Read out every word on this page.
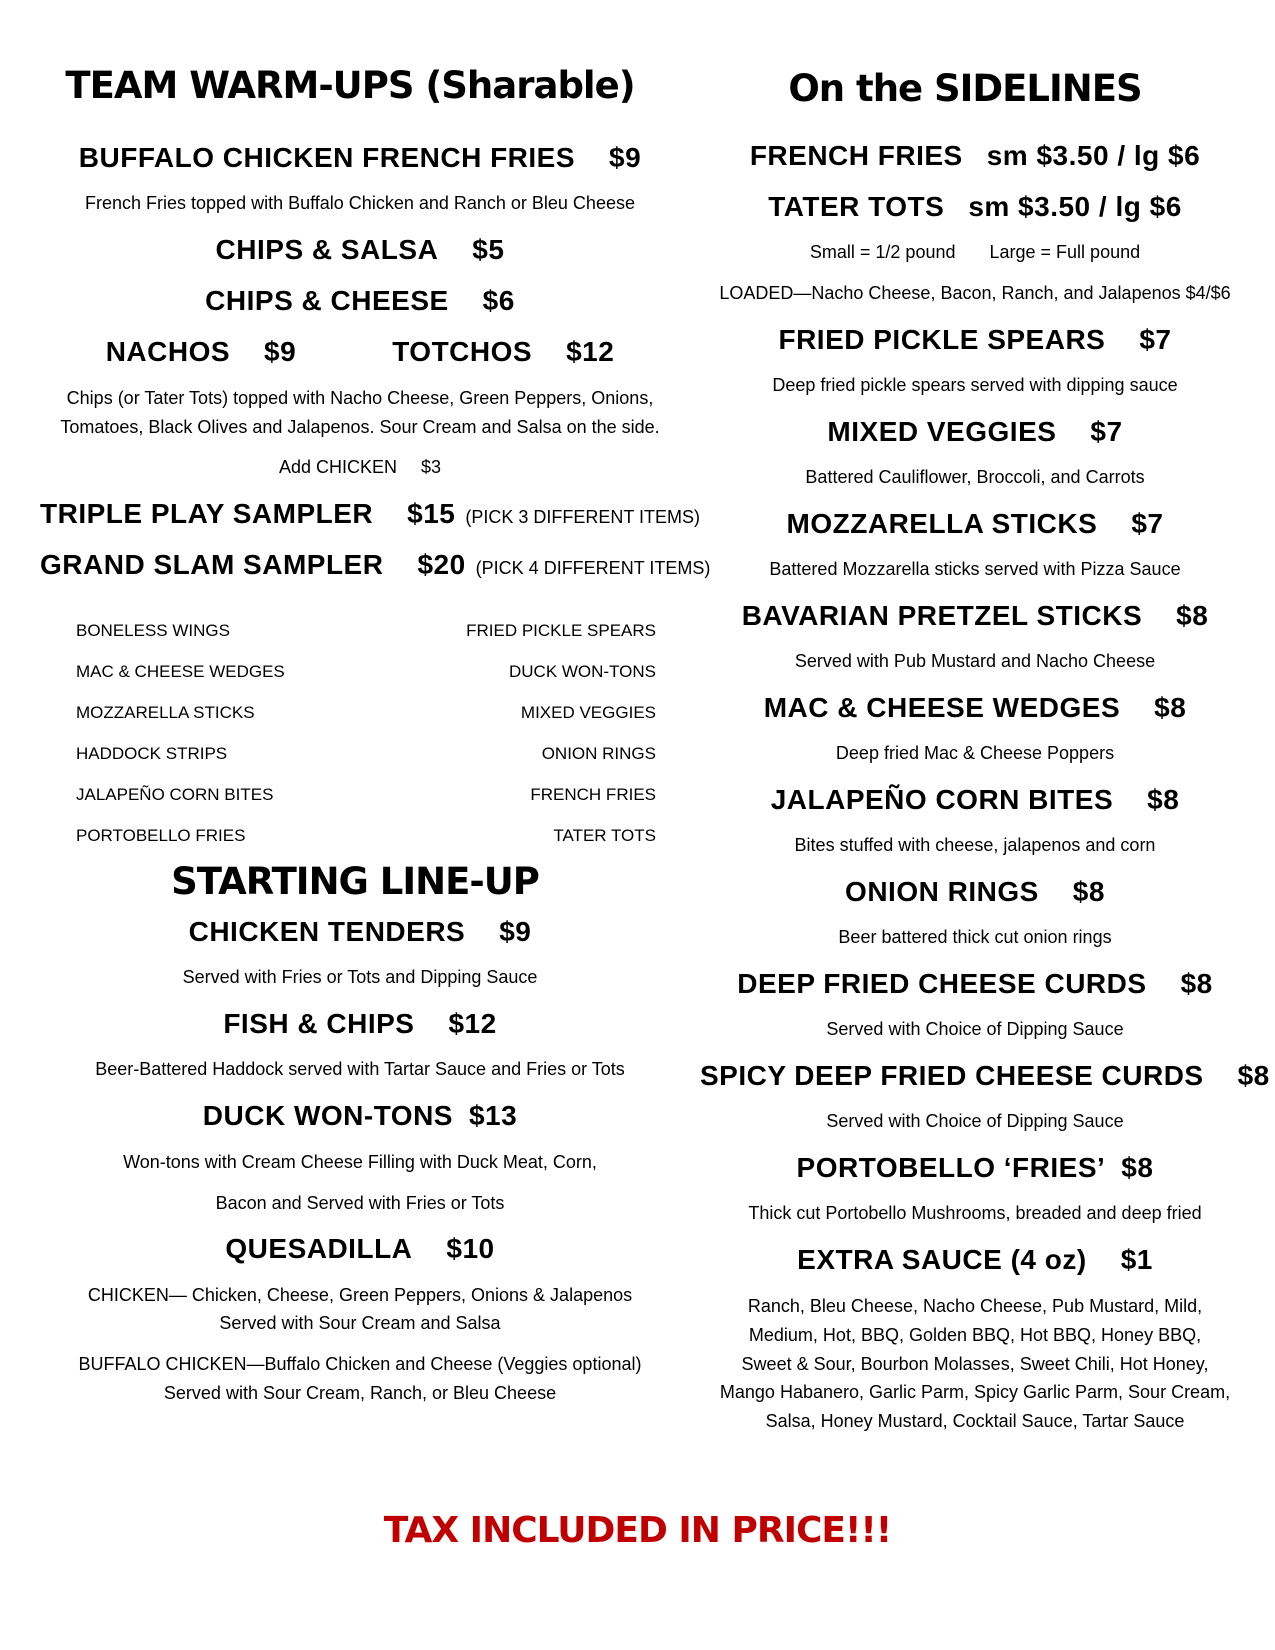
TEAM WARM-UPS (Sharable)
BUFFALO CHICKEN FRENCH FRIES $9
French Fries topped with Buffalo Chicken and Ranch or Bleu Cheese
CHIPS & SALSA $5
CHIPS & CHEESE $6
NACHOS $9	TOTCHOS $12
Chips (or Tater Tots) topped with Nacho Cheese, Green Peppers, Onions,
Tomatoes, Black Olives and Jalapenos. Sour Cream and Salsa on the side.
Add CHICKEN $3
TRIPLE PLAY SAMPLER $15 (PICK 3 DIFFERENT ITEMS)
GRAND SLAM SAMPLER $20 (PICK 4 DIFFERENT ITEMS)
BONELESS WINGS
MAC & CHEESE WEDGES
MOZZARELLA STICKS
HADDOCK STRIPS
JALAPEÑO CORN BITES
PORTOBELLO FRIES
FRIED PICKLE SPEARS
DUCK WON-TONS
MIXED VEGGIES
ONION RINGS
FRENCH FRIES
TATER TOTS
STARTING LINE-UP
CHICKEN TENDERS $9
Served with Fries or Tots and Dipping Sauce
FISH & CHIPS $12
Beer-Battered Haddock served with Tartar Sauce and Fries or Tots
DUCK WON-TONS $13
Won-tons with Cream Cheese Filling with Duck Meat, Corn,
Bacon and Served with Fries or Tots
QUESADILLA $10
CHICKEN— Chicken, Cheese, Green Peppers, Onions & Jalapenos
Served with Sour Cream and Salsa
BUFFALO CHICKEN—Buffalo Chicken and Cheese (Veggies optional)
Served with Sour Cream, Ranch, or Bleu Cheese
On the SIDELINES
FRENCH FRIES sm $3.50 / lg $6
TATER TOTS sm $3.50 / lg $6
Small = 1/2 pound Large = Full pound
LOADED—Nacho Cheese, Bacon, Ranch, and Jalapenos $4/$6
FRIED PICKLE SPEARS $7
Deep fried pickle spears served with dipping sauce
MIXED VEGGIES $7
Battered Cauliflower, Broccoli, and Carrots
MOZZARELLA STICKS $7
Battered Mozzarella sticks served with Pizza Sauce
BAVARIAN PRETZEL STICKS $8
Served with Pub Mustard and Nacho Cheese
MAC & CHEESE WEDGES $8
Deep fried Mac & Cheese Poppers
JALAPEÑO CORN BITES $8
Bites stuffed with cheese, jalapenos and corn
ONION RINGS $8
Beer battered thick cut onion rings
DEEP FRIED CHEESE CURDS $8
Served with Choice of Dipping Sauce
SPICY DEEP FRIED CHEESE CURDS $8
Served with Choice of Dipping Sauce
PORTOBELLO ‘FRIES’ $8
Thick cut Portobello Mushrooms, breaded and deep fried
EXTRA SAUCE (4 oz) $1
Ranch, Bleu Cheese, Nacho Cheese, Pub Mustard, Mild,
Medium, Hot, BBQ, Golden BBQ, Hot BBQ, Honey BBQ,
Sweet & Sour, Bourbon Molasses, Sweet Chili, Hot Honey,
Mango Habanero, Garlic Parm, Spicy Garlic Parm, Sour Cream,
Salsa, Honey Mustard, Cocktail Sauce, Tartar Sauce
TAX INCLUDED IN PRICE!!!
